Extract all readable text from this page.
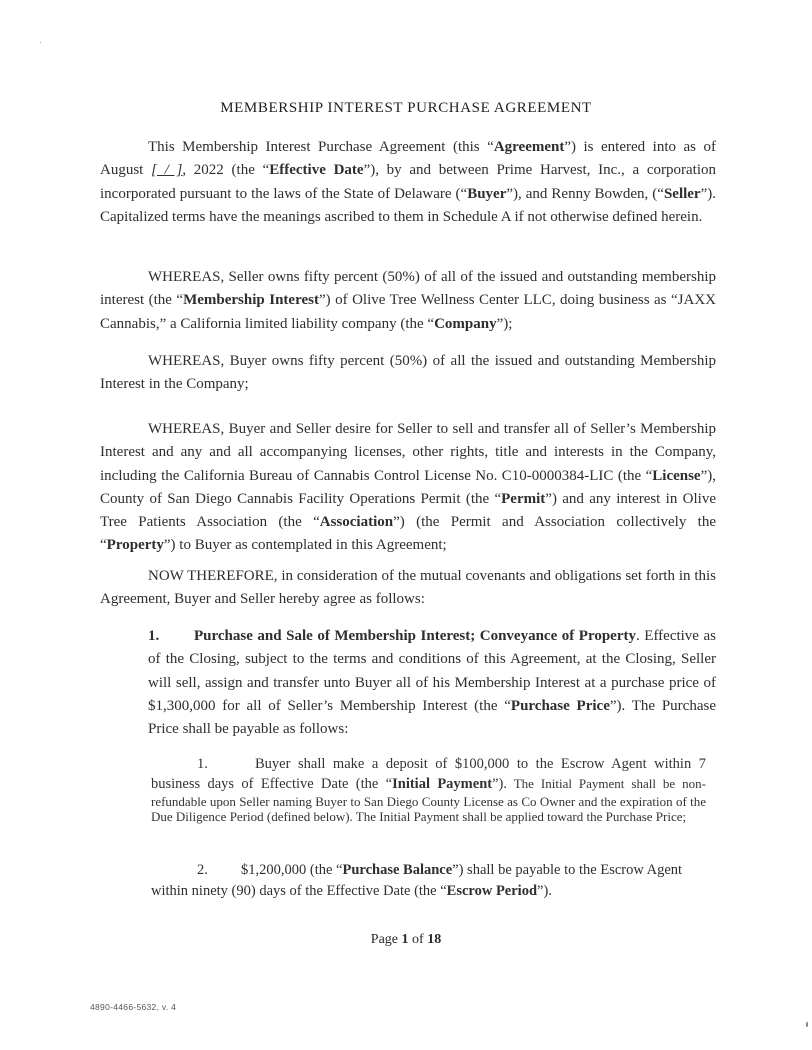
MEMBERSHIP INTEREST PURCHASE AGREEMENT
This Membership Interest Purchase Agreement (this “Agreement”) is entered into as of August [ / ], 2022 (the “Effective Date”), by and between Prime Harvest, Inc., a corporation incorporated pursuant to the laws of the State of Delaware (“Buyer”), and Renny Bowden, (“Seller”). Capitalized terms have the meanings ascribed to them in Schedule A if not otherwise defined herein.
WHEREAS, Seller owns fifty percent (50%) of all of the issued and outstanding membership interest (the “Membership Interest”) of Olive Tree Wellness Center LLC, doing business as “JAXX Cannabis,” a California limited liability company (the “Company”);
WHEREAS, Buyer owns fifty percent (50%) of all the issued and outstanding Membership Interest in the Company;
WHEREAS, Buyer and Seller desire for Seller to sell and transfer all of Seller’s Membership Interest and any and all accompanying licenses, other rights, title and interests in the Company, including the California Bureau of Cannabis Control License No. C10-0000384-LIC (the “License”), County of San Diego Cannabis Facility Operations Permit (the “Permit”) and any interest in Olive Tree Patients Association (the “Association”) (the Permit and Association collectively the “Property”) to Buyer as contemplated in this Agreement;
NOW THEREFORE, in consideration of the mutual covenants and obligations set forth in this Agreement, Buyer and Seller hereby agree as follows:
1. Purchase and Sale of Membership Interest; Conveyance of Property. Effective as of the Closing, subject to the terms and conditions of this Agreement, at the Closing, Seller will sell, assign and transfer unto Buyer all of his Membership Interest at a purchase price of $1,300,000 for all of Seller’s Membership Interest (the “Purchase Price”). The Purchase Price shall be payable as follows:
1.	Buyer shall make a deposit of $100,000 to the Escrow Agent within 7 business days of Effective Date (the “Initial Payment”). The Initial Payment shall be non-refundable upon Seller naming Buyer to San Diego County License as Co Owner and the expiration of the Due Diligence Period (defined below). The Initial Payment shall be applied toward the Purchase Price;
2. $1,200,000 (the “Purchase Balance”) shall be payable to the Escrow Agent within ninety (90) days of the Effective Date (the “Escrow Period”).
Page 1 of 18
4890-4466-5632, v. 4
